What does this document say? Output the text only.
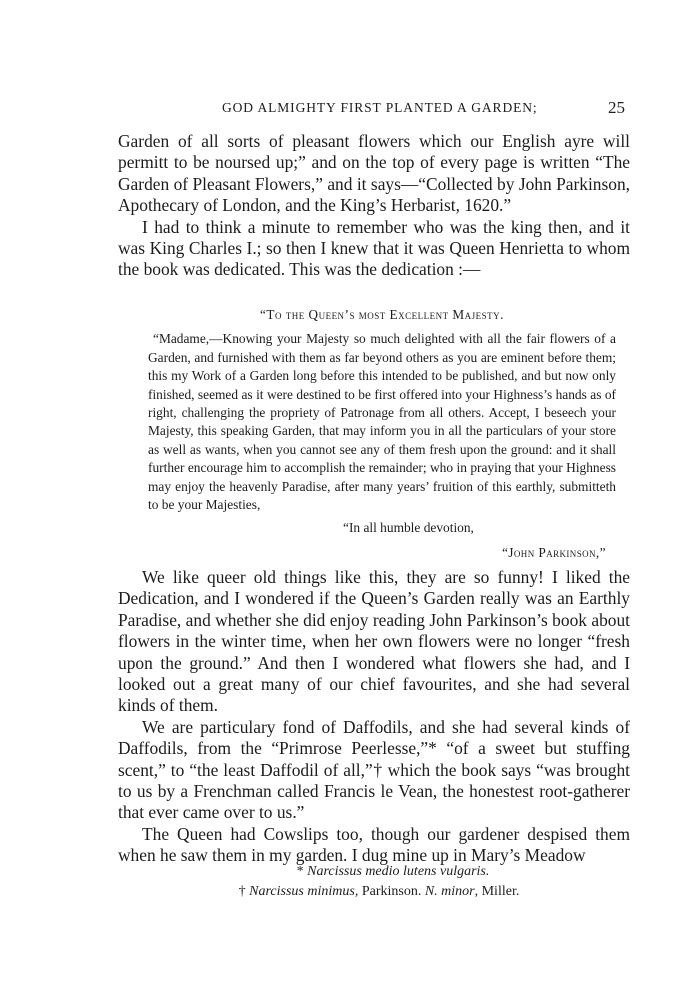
GOD ALMIGHTY FIRST PLANTED A GARDEN;	25

Garden of all sorts of pleasant flowers which our English ayre will permitt to be noursed up;” and on the top of every page is written “The Garden of Pleasant Flowers,” and it says—“Collected by John Parkinson, Apothecary of London, and the King’s Herbarist, 1620.”

I had to think a minute to remember who was the king then, and it was King Charles I.; so then I knew that it was Queen Henrietta to whom the book was dedicated. This was the dedication :—

“To the Queen’s most Excellent Majesty.

“Madame,—Knowing your Majesty so much delighted with all the fair flowers of a Garden, and furnished with them as far beyond others as you are eminent before them; this my Work of a Garden long before this intended to be published, and but now only finished, seemed as it were destined to be first offered into your Highness’s hands as of right, challenging the propriety of Patronage from all others. Accept, I beseech your Majesty, this speaking Garden, that may inform you in all the particulars of your store as well as wants, when you cannot see any of them fresh upon the ground: and it shall further encourage him to accomplish the remainder; who in praying that your Highness may enjoy the heavenly Paradise, after many years’ fruition of this earthly, submitteth to be your Majesties,

“In all humble devotion,

“John Parkinson,”

We like queer old things like this, they are so funny! I liked the Dedication, and I wondered if the Queen’s Garden really was an Earthly Paradise, and whether she did enjoy reading John Parkinson’s book about flowers in the winter time, when her own flowers were no longer “fresh upon the ground.” And then I wondered what flowers she had, and I looked out a great many of our chief favourites, and she had several kinds of them.

We are particulary fond of Daffodils, and she had several kinds of Daffodils, from the “Primrose Peerlesse,”* “of a sweet but stuffing scent,” to “the least Daffodil of all,”† which the book says “was brought to us by a Frenchman called Francis le Vean, the honestest root-gatherer that ever came over to us.”

The Queen had Cowslips too, though our gardener despised them when he saw them in my garden. I dug mine up in Mary’s Meadow

* Narcissus medio lutens vulgaris.

† Narcissus minimus, Parkinson. N. minor, Miller.
